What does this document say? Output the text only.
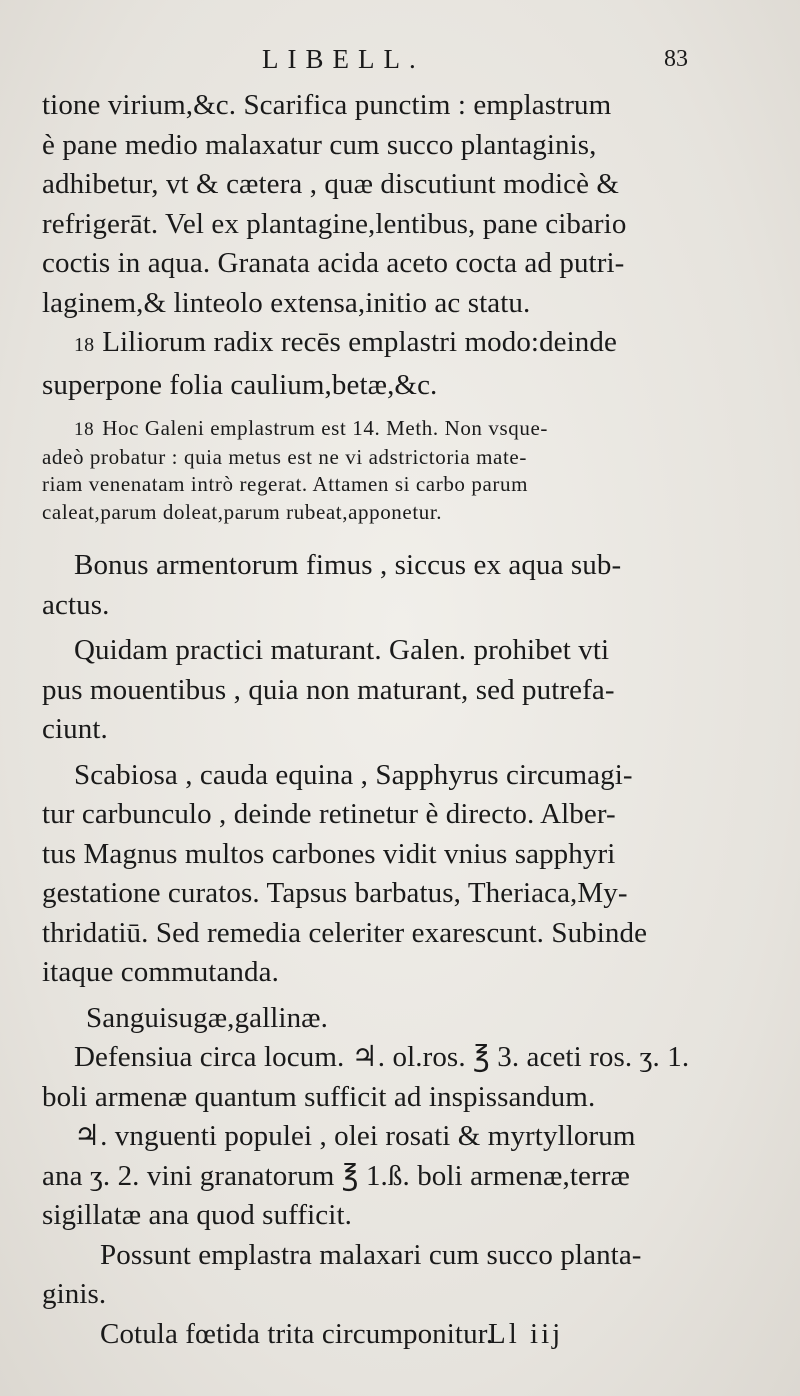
LIBELL.	83
tione virium,&c. Scarifica punctim : emplastrum
è pane medio malaxatur cum succo plantaginis,
adhibetur, vt & cætera , quæ discutiunt modicè &
refrigerāt. Vel ex plantagine,lentibus, pane cibario
coctis in aqua. Granata acida aceto cocta ad putri-
laginem,& linteolo extensa,initio ac statu.
18 Liliorum radix recēs emplastri modo:deinde
superpone folia caulium,betæ,&c.
18 Hoc Galeni emplastrum est 14. Meth. Non vsque-
adeò probatur : quia metus est ne vi adstrictoria mate-
riam venenatam intrò regerat. Attamen si carbo parum
caleat,parum doleat,parum rubeat,apponetur.
Bonus armentorum fimus , siccus ex aqua sub-
actus.
Quidam practici maturant. Galen. prohibet vti
pus mouentibus , quia non maturant, sed putrefa-
ciunt.
Scabiosa , cauda equina , Sapphyrus circumagi-
tur carbunculo , deinde retinetur è directo. Alber-
tus Magnus multos carbones vidit vnius sapphyri
gestatione curatos. Tapsus barbatus, Theriaca,My-
thridatiū. Sed remedia celeriter exarescunt. Subinde
itaque commutanda.
Sanguisugæ,gallinæ.
Defensiua circa locum. ♃. ol.ros. ℥ 3. aceti ros. ʒ. 1.
boli armenæ quantum sufficit ad inspissandum.
♃. vnguenti populei , olei rosati & myrtyllorum
ana ʒ. 2. vini granatorum ℥ 1.ß. boli armenæ,terræ
sigillatæ ana quod sufficit.
Possunt emplastra malaxari cum succo planta-
ginis.
Cotula fœtida trita circumponitur.
Ll iij
